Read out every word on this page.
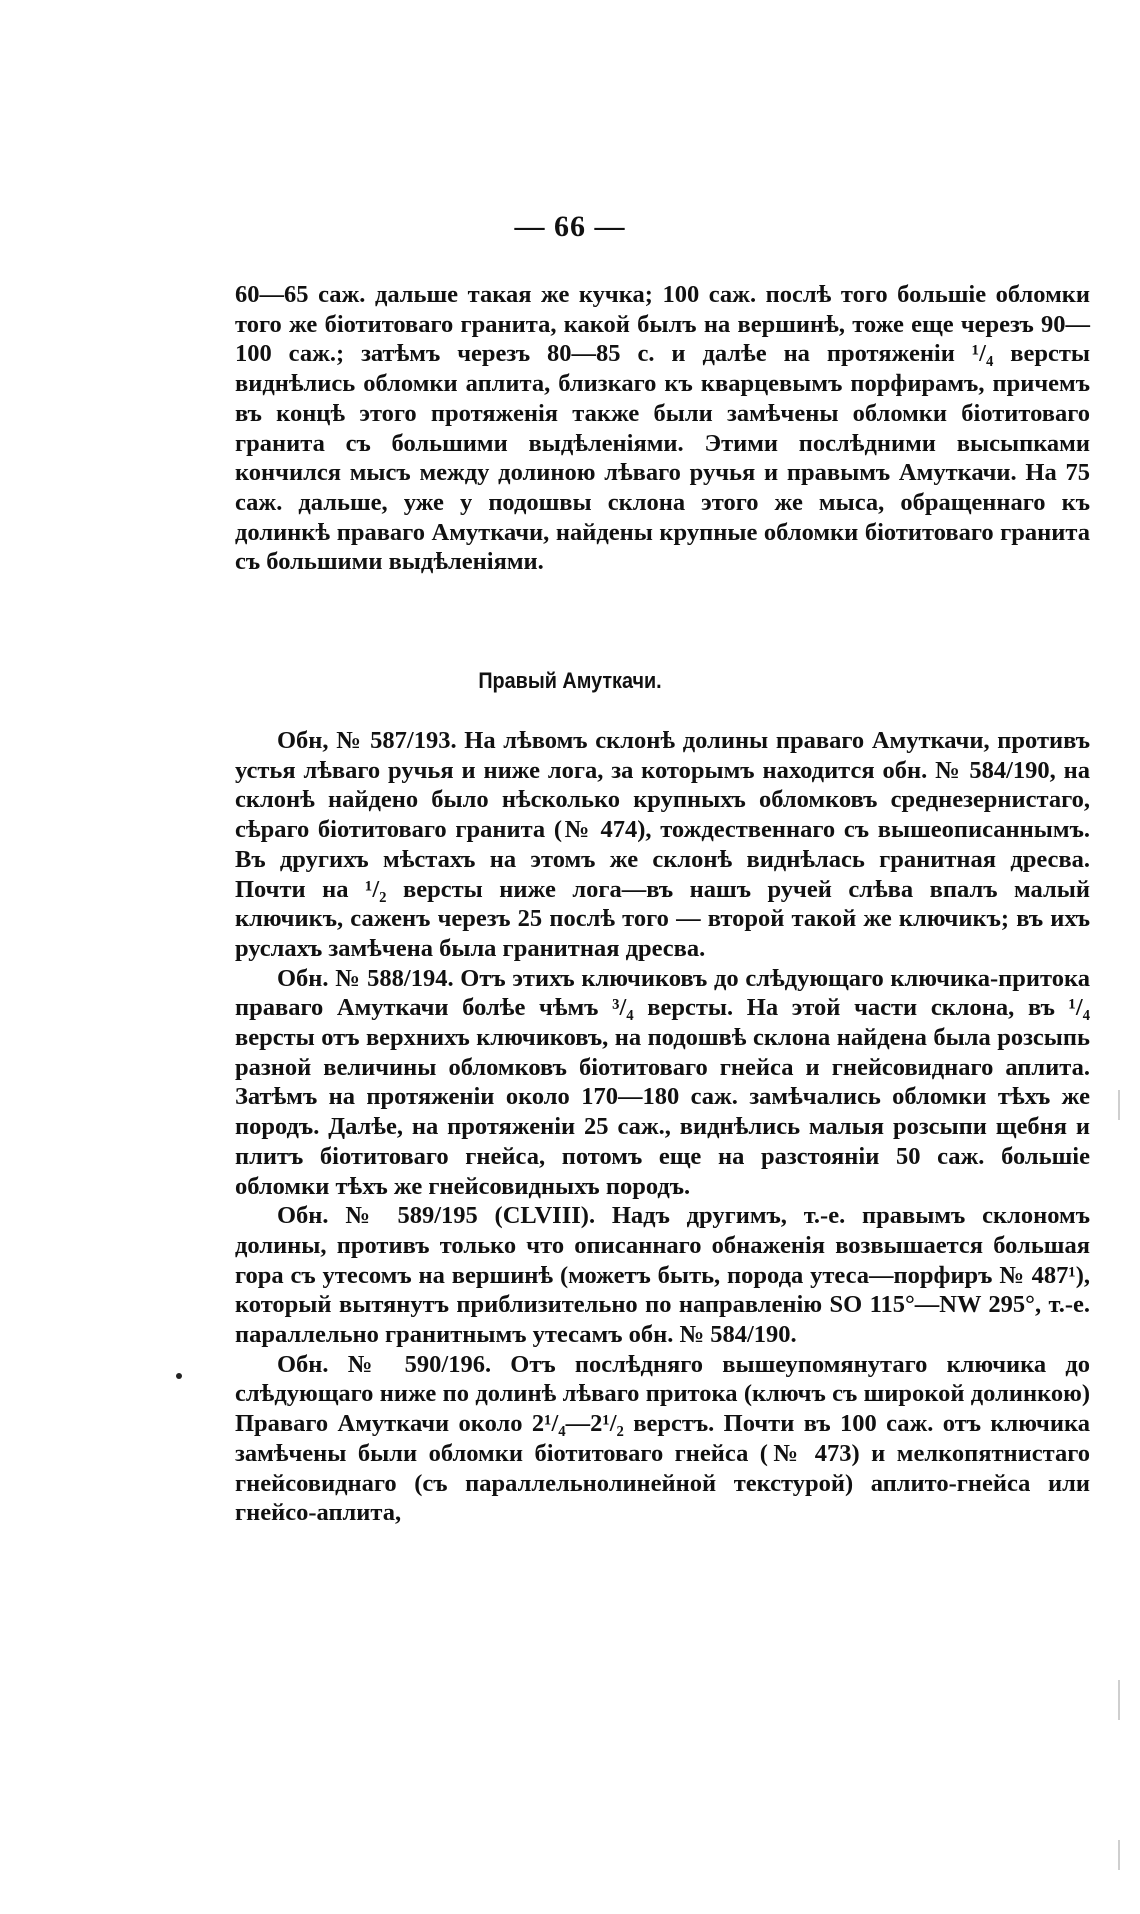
— 66 —

60—65 саж. дальше такая же кучка; 100 саж. послѣ того большіе обломки того же біотитоваго гранита, какой былъ на вершинѣ, тоже еще черезъ 90—100 саж.; затѣмъ черезъ 80—85 с. и далѣе на протяженіи ¹/₄ версты виднѣлись обломки аплита, близкаго къ кварцевымъ порфирамъ, причемъ въ концѣ этого протяженія также были замѣчены обломки біотитоваго гранита съ большими выдѣленіями. Этими послѣдними высыпками кончился мысъ между долиною лѣваго ручья и правымъ Амуткачи. На 75 саж. дальше, уже у подошвы склона этого же мыса, обращеннаго къ долинкѣ праваго Амуткачи, найдены крупные обломки біотитоваго гранита съ большими выдѣленіями.

Правый Амуткачи.

Обн, № 587/193. На лѣвомъ склонѣ долины праваго Амуткачи, противъ устья лѣваго ручья и ниже лога, за которымъ находится обн. № 584/190, на склонѣ найдено было нѣсколько крупныхъ обломковъ среднезернистаго, сѣраго біотитоваго гранита (№ 474), тождественнаго съ вышеописаннымъ. Въ другихъ мѣстахъ на этомъ же склонѣ виднѣлась гранитная дресва. Почти на ¹/₂ версты ниже лога—въ нашъ ручей слѣва впалъ малый ключикъ, саженъ черезъ 25 послѣ того — второй такой же ключикъ; въ ихъ руслахъ замѣчена была гранитная дресва.

Обн. № 588/194. Отъ этихъ ключиковъ до слѣдующаго ключика-притока праваго Амуткачи болѣе чѣмъ ³/₄ версты. На этой части склона, въ ¹/₄ версты отъ верхнихъ ключиковъ, на подошвѣ склона найдена была розсыпь разной величины обломковъ біотитоваго гнейса и гнейсовиднаго аплита. Затѣмъ на протяженіи около 170—180 саж. замѣчались обломки тѣхъ же породъ. Далѣе, на протяженіи 25 саж., виднѣлись малыя розсыпи щебня и плитъ біотитоваго гнейса, потомъ еще на разстояніи 50 саж. большіе обломки тѣхъ же гнейсовидныхъ породъ.

Обн. № 589/195 (CLVIII). Надъ другимъ, т.-е. правымъ склономъ долины, противъ только что описаннаго обнаженія возвышается большая гора съ утесомъ на вершинѣ (можетъ быть, порода утеса—порфиръ № 487¹), который вытянутъ приблизительно по направленію SO 115°—NW 295°, т.-е. параллельно гранитнымъ утесамъ обн. № 584/190.

Обн. № 590/196. Отъ послѣдняго вышеупомянутаго ключика до слѣдующаго ниже по долинѣ лѣваго притока (ключъ съ широкой долинкою) Праваго Амуткачи около 2¹/₄—2¹/₂ верстъ. Почти въ 100 саж. отъ ключика замѣчены были обломки біотитоваго гнейса (№ 473) и мелкопятнистаго гнейсовиднаго (съ параллельнолинейной текстурой) аплито-гнейса или гнейсо-аплита,
